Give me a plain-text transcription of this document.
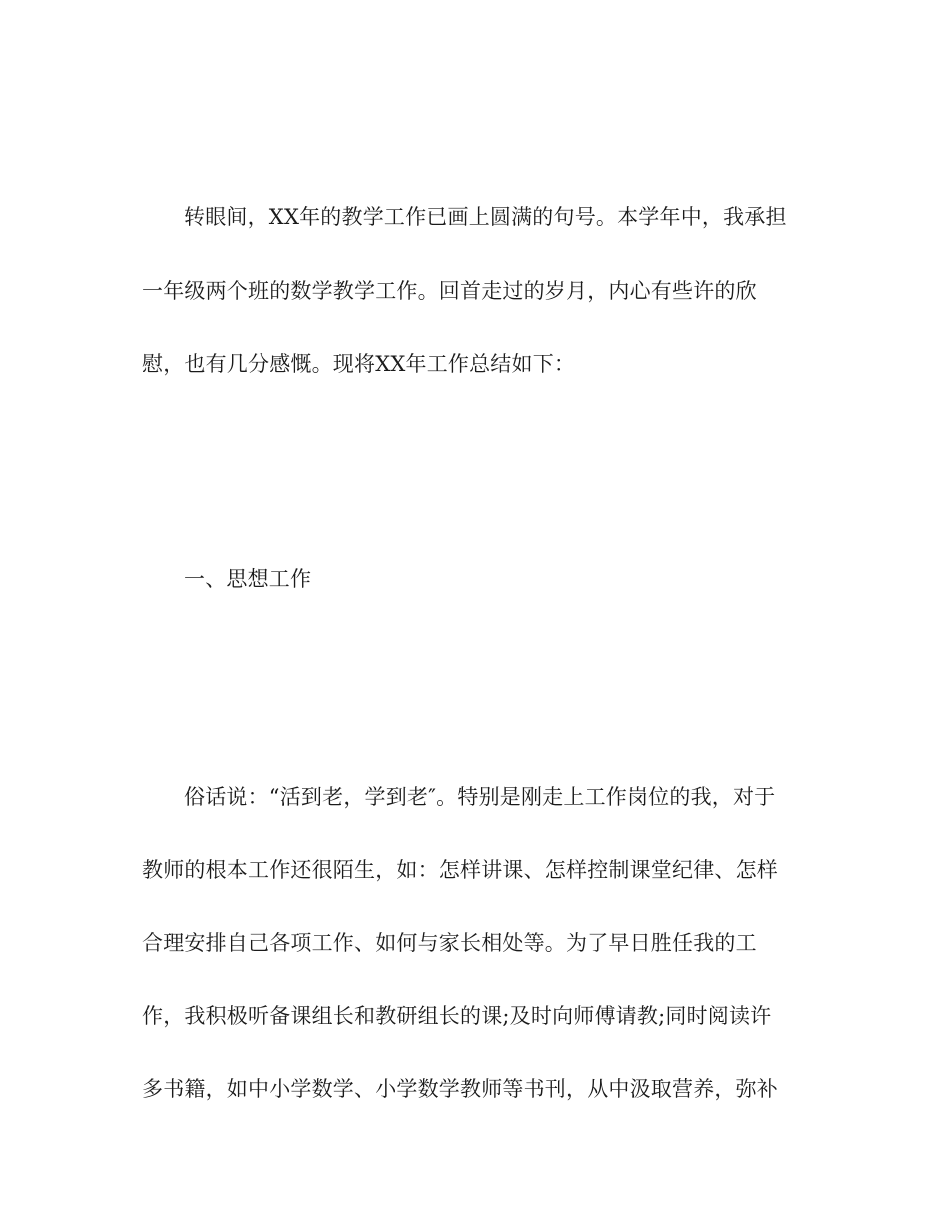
转眼间，XX年的教学工作已画上圆满的句号。本学年中，我承担
一年级两个班的数学教学工作。回首走过的岁月，内心有些许的欣
慰，也有几分感慨。现将XX年工作总结如下：
一、思想工作
俗话说：“活到老，学到老″。特别是刚走上工作岗位的我，对于
教师的根本工作还很陌生，如：怎样讲课、怎样控制课堂纪律、怎样
合理安排自己各项工作、如何与家长相处等。为了早日胜任我的工
作，我积极听备课组长和教研组长的课;及时向师傅请教;同时阅读许
多书籍，如中小学数学、小学数学教师等书刊，从中汲取营养，弥补
